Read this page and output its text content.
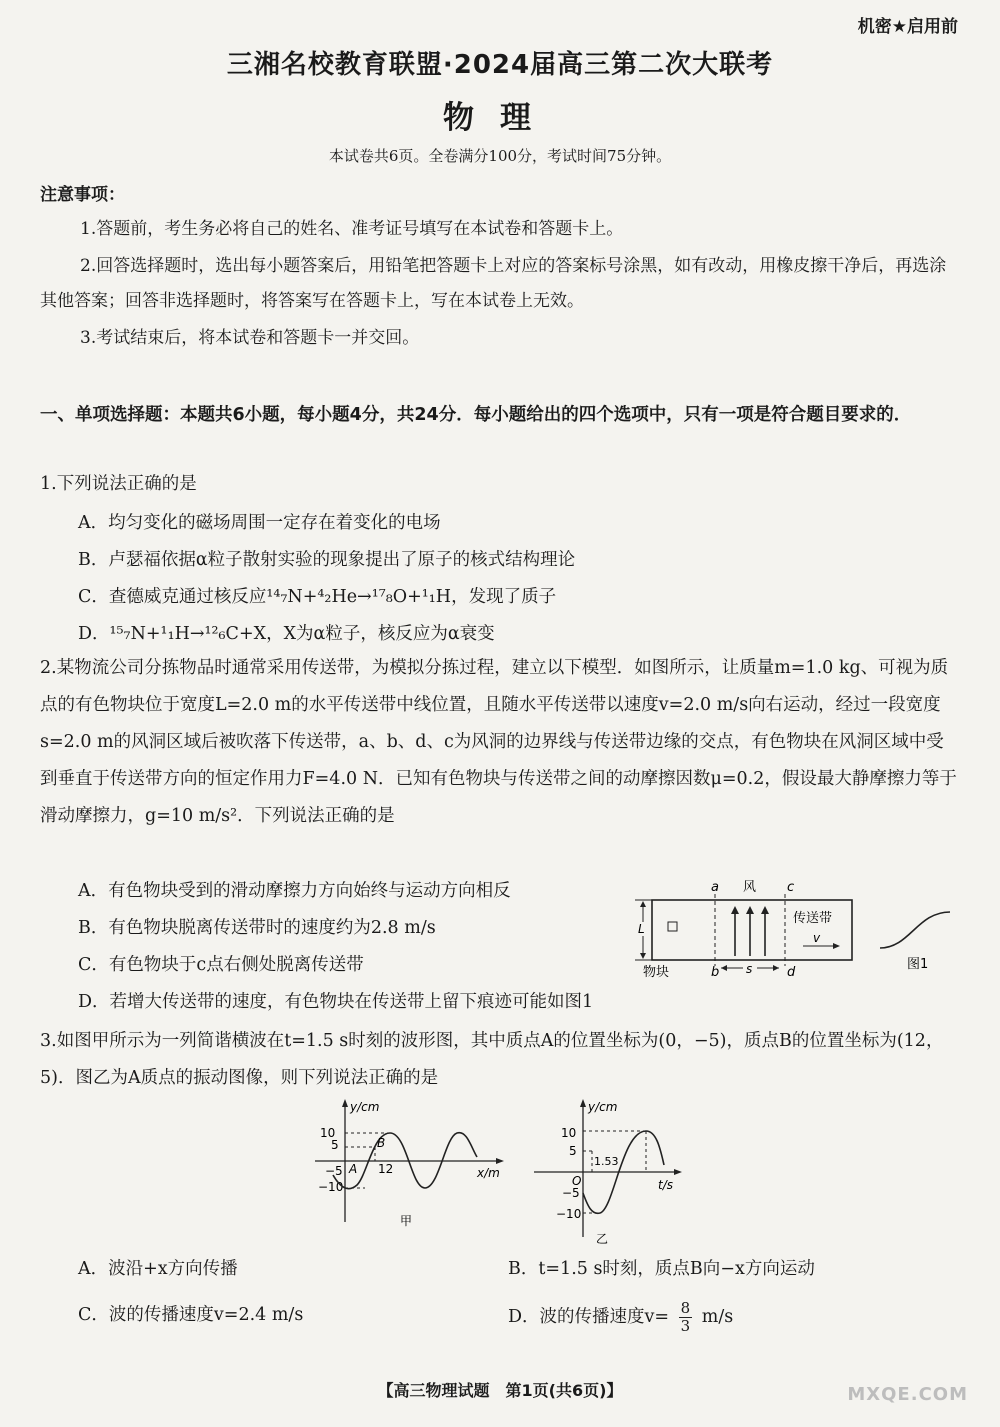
机密★启用前
三湘名校教育联盟·2024届高三第二次大联考
物理
本试卷共6页。全卷满分100分，考试时间75分钟。
注意事项：
1.答题前，考生务必将自己的姓名、准考证号填写在本试卷和答题卡上。
2.回答选择题时，选出每小题答案后，用铅笔把答题卡上对应的答案标号涂黑，如有改动，用橡皮擦干净后，再选涂其他答案；回答非选择题时，将答案写在答题卡上，写在本试卷上无效。
3.考试结束后，将本试卷和答题卡一并交回。
一、单项选择题：本题共6小题，每小题4分，共24分．每小题给出的四个选项中，只有一项是符合题目要求的．
1.下列说法正确的是
A．均匀变化的磁场周围一定存在着变化的电场
B．卢瑟福依据α粒子散射实验的现象提出了原子的核式结构理论
C．查德威克通过核反应¹⁴₇N+⁴₂He→¹⁷₈O+¹₁H，发现了质子
D．¹⁵₇N+¹₁H→¹²₆C+X，X为α粒子，核反应为α衰变
2.某物流公司分拣物品时通常采用传送带，为模拟分拣过程，建立以下模型．如图所示，让质量m=1.0 kg、可视为质点的有色物块位于宽度L=2.0 m的水平传送带中线位置，且随水平传送带以速度v=2.0 m/s向右运动，经过一段宽度s=2.0 m的风洞区域后被吹落下传送带，a、b、d、c为风洞的边界线与传送带边缘的交点，有色物块在风洞区域中受到垂直于传送带方向的恒定作用力F=4.0 N．已知有色物块与传送带之间的动摩擦因数μ=0.2，假设最大静摩擦力等于滑动摩擦力，g=10 m/s²．下列说法正确的是
A．有色物块受到的滑动摩擦力方向始终与运动方向相反
B．有色物块脱离传送带时的速度约为2.8 m/s
C．有色物块于c点右侧处脱离传送带
D．若增大传送带的速度，有色物块在传送带上留下痕迹可能如图1
a 风 c
b	d
s
L
传送带
v
物块
图1
3.如图甲所示为一列简谐横波在t=1.5 s时刻的波形图，其中质点A的位置坐标为(0，−5)，质点B的位置坐标为(12，5)．图乙为A质点的振动图像，则下列说法正确的是
y/cm
x/m
10
5
−5
−10
A
B
12
甲
y/cm
t/s
10
5
−5
−10
O
1.53
乙
A．波沿+x方向传播	B．t=1.5 s时刻，质点B向−x方向运动
C．波的传播速度v=2.4 m/s	D．波的传播速度$v= \frac{8}{3} m/s$
【高三物理试题　第1页(共6页)】	MXQE.COM
